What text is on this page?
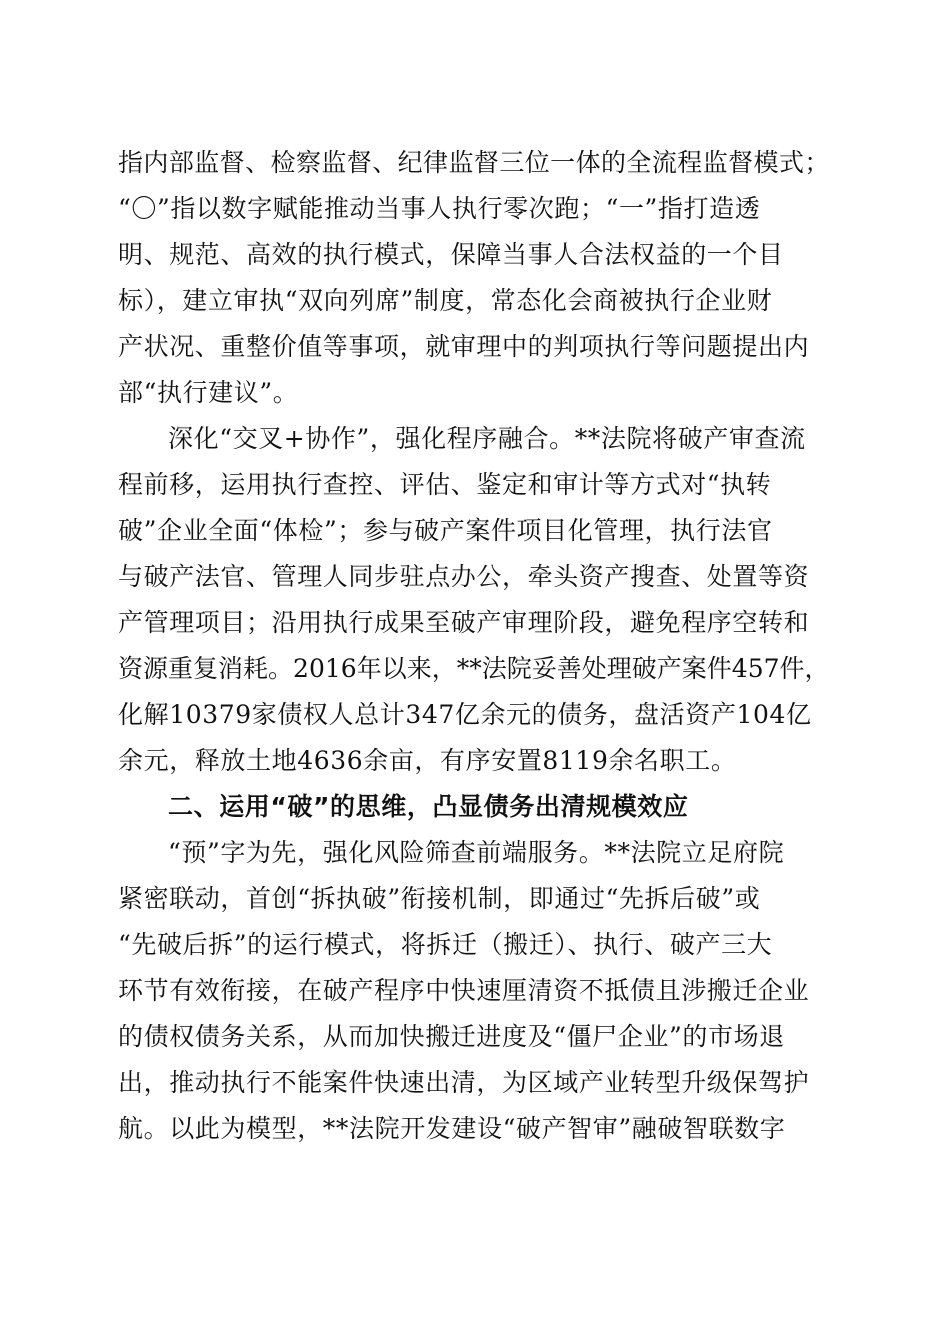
指内部监督、检察监督、纪律监督三位一体的全流程监督模式；
“〇”指以数字赋能推动当事人执行零次跑；“一”指打造透
明、规范、高效的执行模式，保障当事人合法权益的一个目
标），建立审执“双向列席”制度，常态化会商被执行企业财
产状况、重整价值等事项，就审理中的判项执行等问题提出内
部“执行建议”。
深化“交叉+协作”，强化程序融合。**法院将破产审查流
程前移，运用执行查控、评估、鉴定和审计等方式对“执转
破”企业全面“体检”；参与破产案件项目化管理，执行法官
与破产法官、管理人同步驻点办公，牵头资产搜查、处置等资
产管理项目；沿用执行成果至破产审理阶段，避免程序空转和
资源重复消耗。2016年以来，**法院妥善处理破产案件457件，
化解10379家债权人总计347亿余元的债务，盘活资产104亿
余元，释放土地4636余亩，有序安置8119余名职工。
二、运用“破”的思维，凸显债务出清规模效应
“预”字为先，强化风险筛查前端服务。**法院立足府院
紧密联动，首创“拆执破”衔接机制，即通过“先拆后破”或
“先破后拆”的运行模式，将拆迁（搬迁）、执行、破产三大
环节有效衔接，在破产程序中快速厘清资不抵债且涉搬迁企业
的债权债务关系，从而加快搬迁进度及“僵尸企业”的市场退
出，推动执行不能案件快速出清，为区域产业转型升级保驾护
航。以此为模型，**法院开发建设“破产智审”融破智联数字
